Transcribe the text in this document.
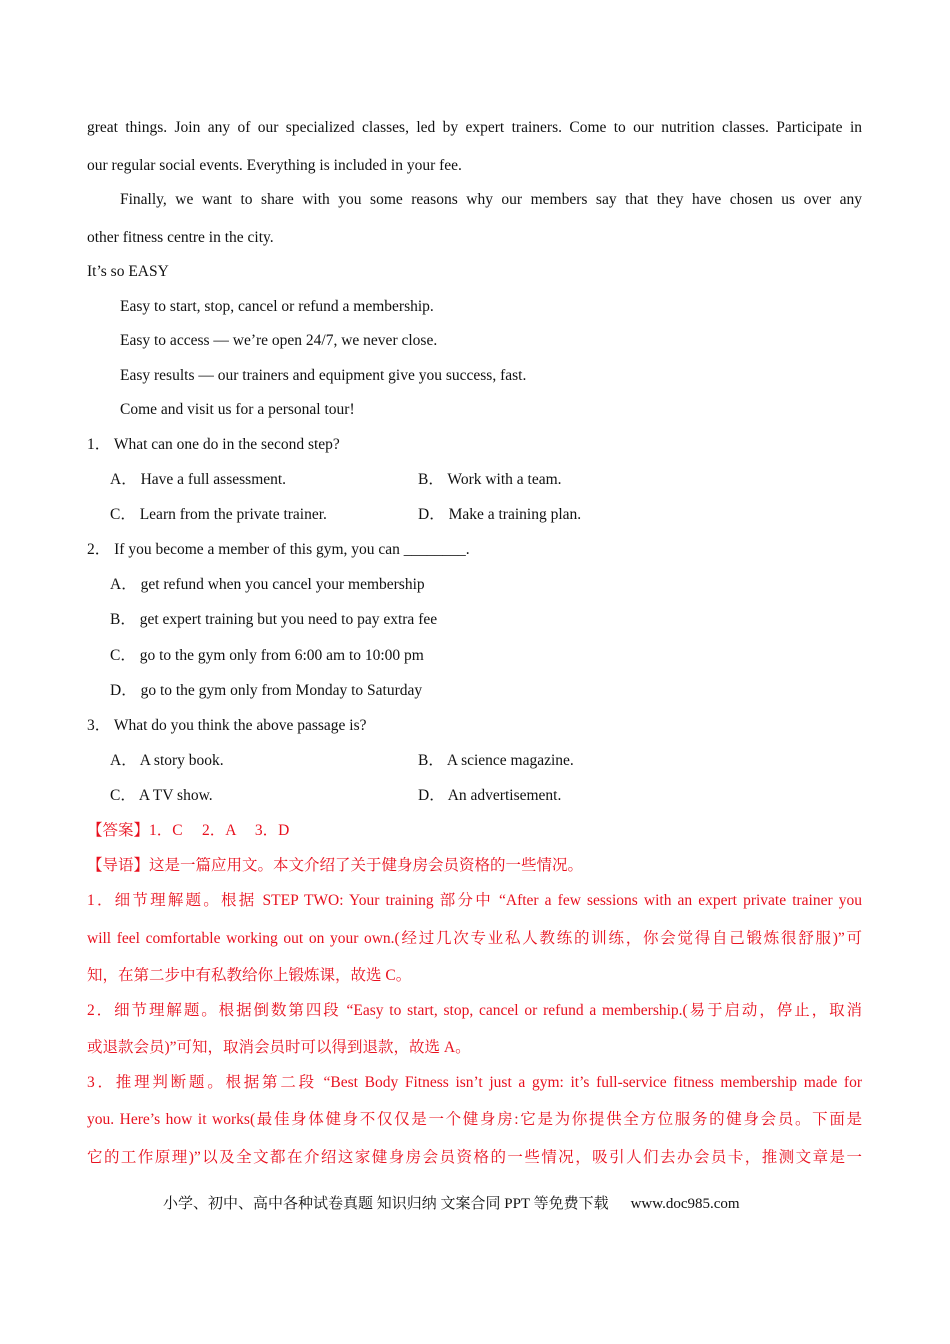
great things. Join any of our specialized classes, led by expert trainers. Come to our nutrition classes. Participate in
our regular social events. Everything is included in your fee.
Finally, we want to share with you some reasons why our members say that they have chosen us over any
other fitness centre in the city.
It’s so EASY
Easy to start, stop, cancel or refund a membership.
Easy to access — we’re open 24/7, we never close.
Easy results — our trainers and equipment give you success, fast.
Come and visit us for a personal tour!
1． What can one do in the second step?
A． Have a full assessment.	B． Work with a team.
C． Learn from the private trainer.	D． Make a training plan.
2． If you become a member of this gym, you can ________.
A． get refund when you cancel your membership
B． get expert training but you need to pay extra fee
C． go to the gym only from 6:00 am to 10:00 pm
D． go to the gym only from Monday to Saturday
3． What do you think the above passage is?
A． A story book.	B． A science magazine.
C． A TV show.	D． An advertisement.
【答案】1．C　 2．A　 3．D
【导语】这是一篇应用文。本文介绍了关于健身房会员资格的一些情况。
1．细节理解题。根据 STEP TWO: Your training 部分中 “After a few sessions with an expert private trainer you
will feel comfortable working out on your own.(经过几次专业私人教练的训练，你会觉得自己锻炼很舒服)”可
知，在第二步中有私教给你上锻炼课，故选 C。
2．细节理解题。根据倒数第四段 “Easy to start, stop, cancel or refund a membership.(易于启动，停止，取消
或退款会员)”可知，取消会员时可以得到退款，故选 A。
3．推理判断题。根据第二段 “Best Body Fitness isn’t just a gym: it’s full-service fitness membership made for
you. Here’s how it works(最佳身体健身不仅仅是一个健身房:它是为你提供全方位服务的健身会员。下面是
它的工作原理)”以及全文都在介绍这家健身房会员资格的一些情况，吸引人们去办会员卡，推测文章是一
小学、初中、高中各种试卷真题 知识归纳 文案合同 PPT 等免费下载 www.doc985.com
